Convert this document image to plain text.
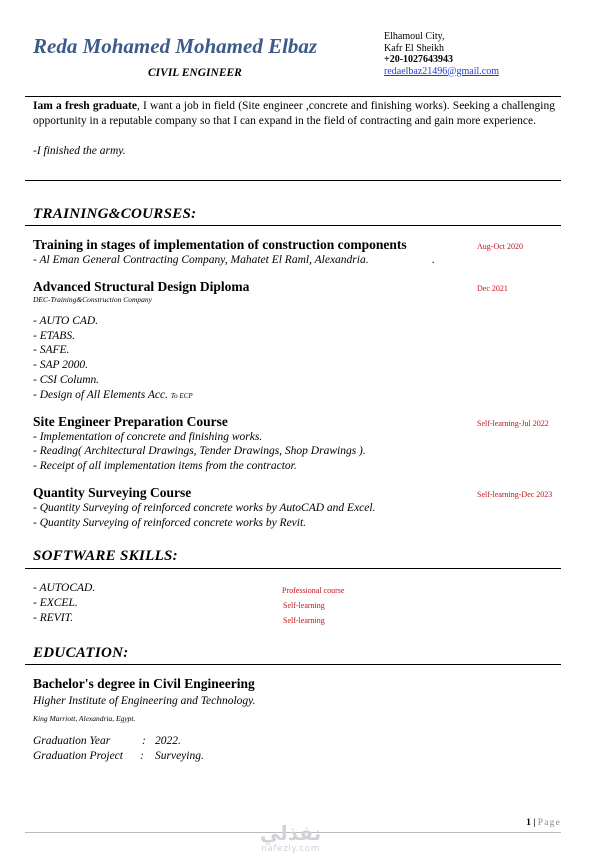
Reda Mohamed Mohamed Elbaz
CIVIL ENGINEER
Elhamoul City,
Kafr El Sheikh
+20-1027643943
redaelbaz21496@gmail.com
Iam a fresh graduate, I want a job in field (Site engineer ,concrete and finishing works). Seeking a challenging opportunity in a reputable company so that I can expand in the field of contracting and gain more experience.
-I finished the army.
TRAINING&COURSES:
Training in stages of implementation of construction components	Aug-Oct 2020
- Al Eman General Contracting Company, Mahatet El Raml, Alexandria.	.
Advanced Structural Design Diploma	Dec 2021
DEC-Training&Construction Company
- AUTO CAD.
- ETABS.
- SAFE.
- SAP 2000.
- CSI Column.
- Design of All Elements Acc. To ECP
Site Engineer Preparation Course	Self-learning-Jul 2022
- Implementation of concrete and finishing works.
- Reading( Architectural Drawings, Tender Drawings, Shop Drawings ).
- Receipt of all implementation items from the contractor.
Quantity Surveying Course	Self-learning-Dec 2023
- Quantity Surveying of reinforced concrete works by AutoCAD and Excel.
- Quantity Surveying of reinforced concrete works by Revit.
SOFTWARE SKILLS:
- AUTOCAD.	Professional course
- EXCEL.	Self-learning
- REVIT.	Self-learning
EDUCATION:
Bachelor's degree in Civil Engineering
Higher Institute of Engineering and Technology.
King Marriott, Alexandria, Egypt.
Graduation Year	: 2022.
Graduation Project : Surveying.
1 | Page
نفذلي
nafezly.com
